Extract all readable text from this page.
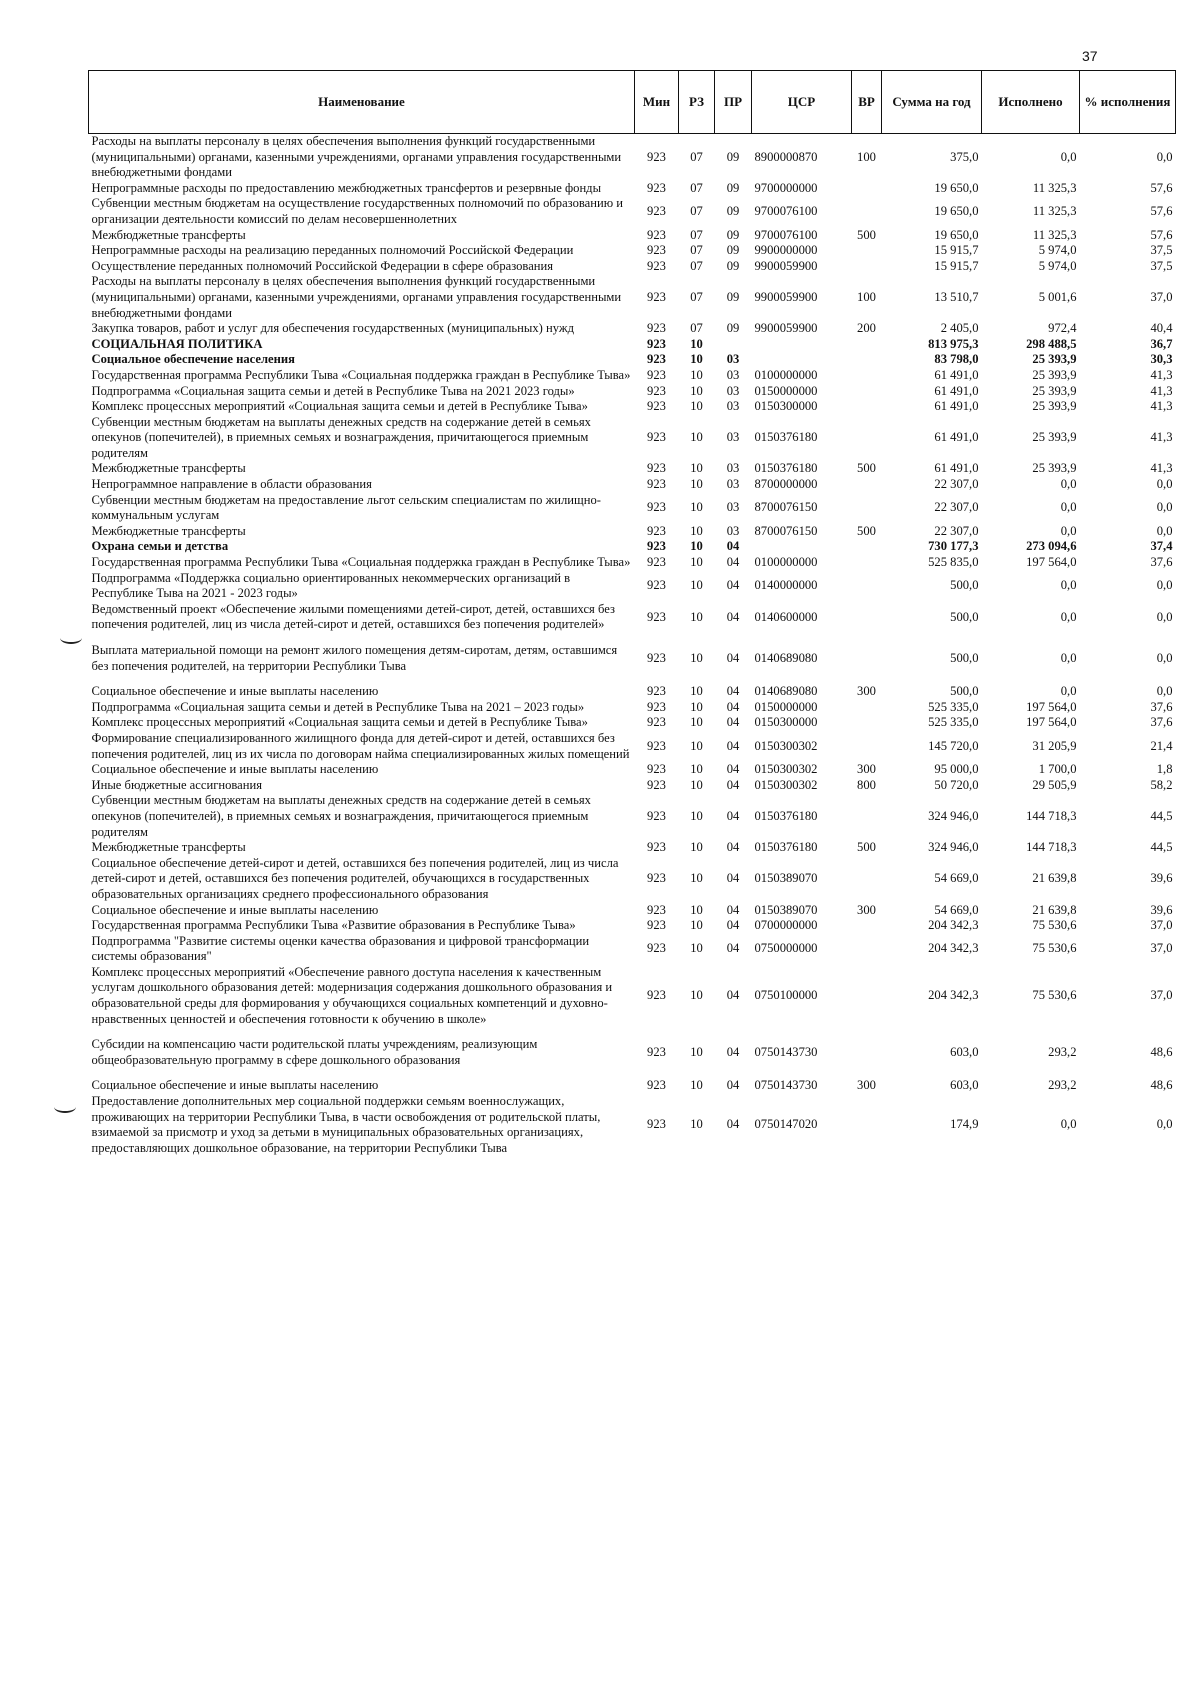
37
Наименование	Мин	РЗ	ПР	ЦСР	ВР	Сумма на год	Исполнено	% исполнения
Расходы на выплаты персоналу в целях обеспечения выполнения функций государственными (муниципальными) органами, казенными учреждениями, органами управления государственными внебюджетными фондами	923	07	09	8900000870	100	375,0	0,0	0,0
Непрограммные расходы по предоставлению межбюджетных трансфертов и резервные фонды	923	07	09	9700000000		19 650,0	11 325,3	57,6
Субвенции местным бюджетам на осуществление государственных полномочий по образованию и организации деятельности комиссий по делам несовершеннолетних	923	07	09	9700076100		19 650,0	11 325,3	57,6
Межбюджетные трансферты	923	07	09	9700076100	500	19 650,0	11 325,3	57,6
Непрограммные расходы на реализацию переданных полномочий Российской Федерации	923	07	09	9900000000		15 915,7	5 974,0	37,5
Осуществление переданных полномочий Российской Федерации в сфере образования	923	07	09	9900059900		15 915,7	5 974,0	37,5
Расходы на выплаты персоналу в целях обеспечения выполнения функций государственными (муниципальными) органами, казенными учреждениями, органами управления государственными внебюджетными фондами	923	07	09	9900059900	100	13 510,7	5 001,6	37,0
Закупка товаров, работ и услуг для обеспечения государственных (муниципальных) нужд	923	07	09	9900059900	200	2 405,0	972,4	40,4
СОЦИАЛЬНАЯ ПОЛИТИКА	923	10				813 975,3	298 488,5	36,7
Социальное обеспечение населения	923	10	03			83 798,0	25 393,9	30,3
Государственная программа Республики Тыва «Социальная поддержка граждан в Республике Тыва»	923	10	03	0100000000		61 491,0	25 393,9	41,3
Подпрограмма «Социальная защита семьи и детей в Республике Тыва на 2021 2023 годы»	923	10	03	0150000000		61 491,0	25 393,9	41,3
Комплекс процессных мероприятий «Социальная защита семьи и детей в Республике Тыва»	923	10	03	0150300000		61 491,0	25 393,9	41,3
Субвенции местным бюджетам на выплаты денежных средств на содержание детей в семьях опекунов (попечителей), в приемных семьях и вознаграждения, причитающегося приемным родителям	923	10	03	0150376180		61 491,0	25 393,9	41,3
Межбюджетные трансферты	923	10	03	0150376180	500	61 491,0	25 393,9	41,3
Непрограммное направление в области образования	923	10	03	8700000000		22 307,0	0,0	0,0
Субвенции местным бюджетам на предоставление льгот сельским специалистам по жилищно-коммунальным услугам	923	10	03	8700076150		22 307,0	0,0	0,0
Межбюджетные трансферты	923	10	03	8700076150	500	22 307,0	0,0	0,0
Охрана семьи и детства	923	10	04			730 177,3	273 094,6	37,4
Государственная программа Республики Тыва «Социальная поддержка граждан в Республике Тыва»	923	10	04	0100000000		525 835,0	197 564,0	37,6
Подпрограмма «Поддержка социально ориентированных некоммерческих организаций в Республике Тыва на 2021 - 2023 годы»	923	10	04	0140000000		500,0	0,0	0,0
Ведомственный проект «Обеспечение жилыми помещениями детей-сирот, детей, оставшихся без попечения родителей, лиц из числа детей-сирот и детей, оставшихся без попечения родителей»	923	10	04	0140600000		500,0	0,0	0,0
Выплата материальной помощи на ремонт жилого помещения детям-сиротам, детям, оставшимся без попечения родителей, на территории Республики Тыва	923	10	04	0140689080		500,0	0,0	0,0
Социальное обеспечение и иные выплаты населению	923	10	04	0140689080	300	500,0	0,0	0,0
Подпрограмма «Социальная защита семьи и детей в Республике Тыва на 2021 – 2023 годы»	923	10	04	0150000000		525 335,0	197 564,0	37,6
Комплекс процессных мероприятий «Социальная защита семьи и детей в Республике Тыва»	923	10	04	0150300000		525 335,0	197 564,0	37,6
Формирование специализированного жилищного фонда для детей-сирот и детей, оставшихся без попечения родителей, лиц из их числа по договорам найма специализированных жилых помещений	923	10	04	0150300302		145 720,0	31 205,9	21,4
Социальное обеспечение и иные выплаты населению	923	10	04	0150300302	300	95 000,0	1 700,0	1,8
Иные бюджетные ассигнования	923	10	04	0150300302	800	50 720,0	29 505,9	58,2
Субвенции местным бюджетам на выплаты денежных средств на содержание детей в семьях опекунов (попечителей), в приемных семьях и вознаграждения, причитающегося приемным родителям	923	10	04	0150376180		324 946,0	144 718,3	44,5
Межбюджетные трансферты	923	10	04	0150376180	500	324 946,0	144 718,3	44,5
Социальное обеспечение детей-сирот и детей, оставшихся без попечения родителей, лиц из числа детей-сирот и детей, оставшихся без попечения родителей, обучающихся в государственных образовательных организациях среднего профессионального образования	923	10	04	0150389070		54 669,0	21 639,8	39,6
Социальное обеспечение и иные выплаты населению	923	10	04	0150389070	300	54 669,0	21 639,8	39,6
Государственная программа Республики Тыва «Развитие образования в Республике Тыва»	923	10	04	0700000000		204 342,3	75 530,6	37,0
Подпрограмма "Развитие системы оценки качества образования и цифровой трансформации системы образования"	923	10	04	0750000000		204 342,3	75 530,6	37,0
Комплекс процессных мероприятий «Обеспечение равного доступа населения к качественным услугам дошкольного образования детей: модернизация содержания дошкольного образования и образовательной среды для формирования у обучающихся социальных компетенций и духовно-нравственных ценностей и обеспечения готовности к обучению в школе»	923	10	04	0750100000		204 342,3	75 530,6	37,0
Субсидии на компенсацию части родительской платы учреждениям, реализующим общеобразовательную программу в сфере дошкольного образования	923	10	04	0750143730		603,0	293,2	48,6
Социальное обеспечение и иные выплаты населению	923	10	04	0750143730	300	603,0	293,2	48,6
Предоставление дополнительных мер социальной поддержки семьям военнослужащих, проживающих на территории Республики Тыва, в части освобождения от родительской платы, взимаемой за присмотр и уход за детьми в муниципальных образовательных организациях, предоставляющих дошкольное образование, на территории Республики Тыва	923	10	04	0750147020		174,9	0,0	0,0
